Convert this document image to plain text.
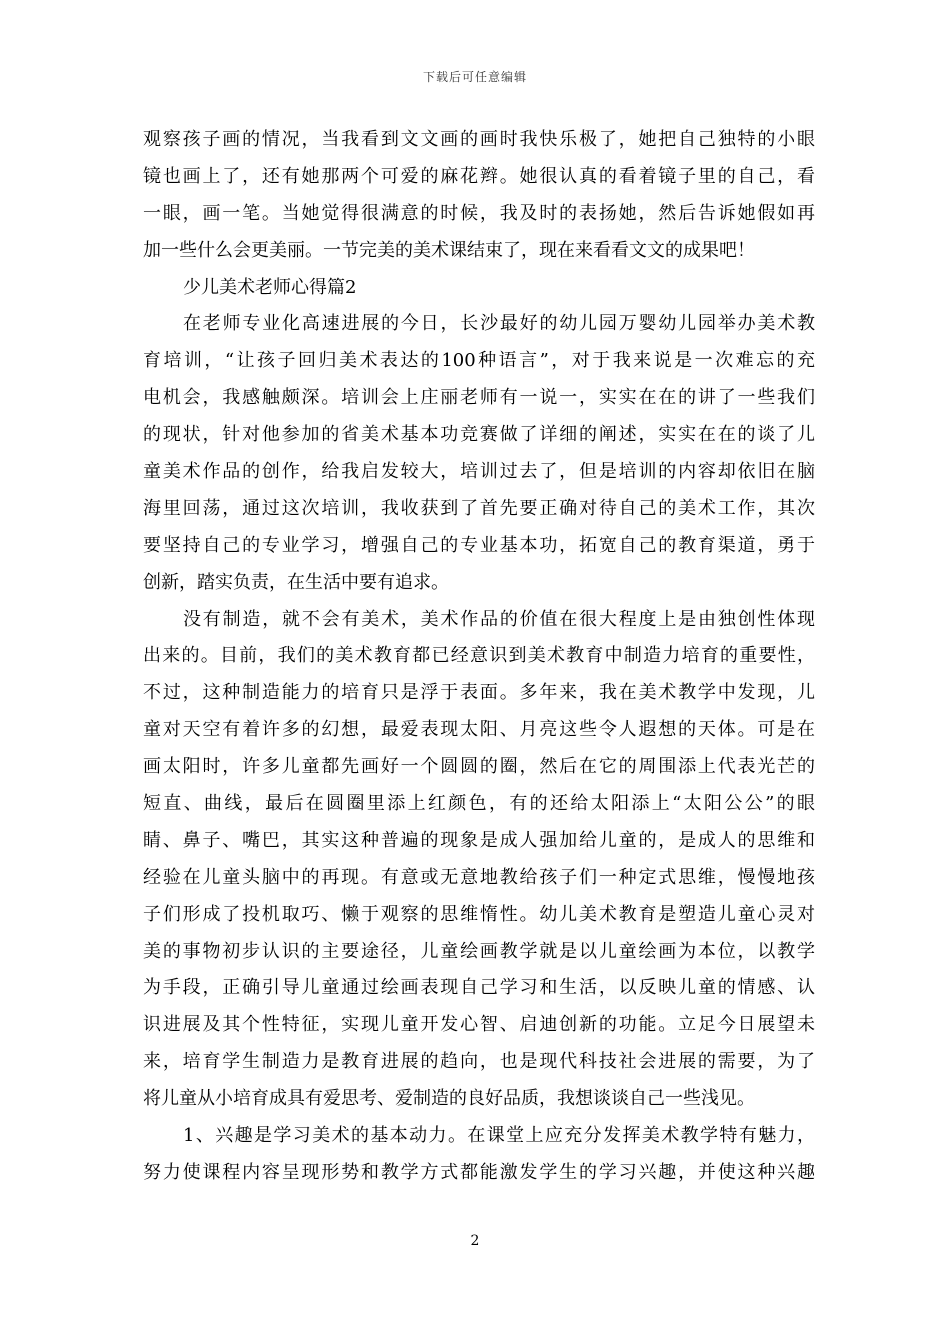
下载后可任意编辑
观察孩子画的情况，当我看到文文画的画时我快乐极了，她把自己独特的小眼
镜也画上了，还有她那两个可爱的麻花辫。她很认真的看着镜子里的自己，看
一眼，画一笔。当她觉得很满意的时候，我及时的表扬她，然后告诉她假如再
加一些什么会更美丽。一节完美的美术课结束了，现在来看看文文的成果吧！
少儿美术老师心得篇2
在老师专业化高速进展的今日，长沙最好的幼儿园万婴幼儿园举办美术教
育培训，“让孩子回归美术表达的100种语言”，对于我来说是一次难忘的充
电机会，我感触颇深。培训会上庄丽老师有一说一，实实在在的讲了一些我们
的现状，针对他参加的省美术基本功竞赛做了详细的阐述，实实在在的谈了儿
童美术作品的创作，给我启发较大，培训过去了，但是培训的内容却依旧在脑
海里回荡，通过这次培训，我收获到了首先要正确对待自己的美术工作，其次
要坚持自己的专业学习，增强自己的专业基本功，拓宽自己的教育渠道，勇于
创新，踏实负责，在生活中要有追求。
没有制造，就不会有美术，美术作品的价值在很大程度上是由独创性体现
出来的。目前，我们的美术教育都已经意识到美术教育中制造力培育的重要性，
不过，这种制造能力的培育只是浮于表面。多年来，我在美术教学中发现，儿
童对天空有着许多的幻想，最爱表现太阳、月亮这些令人遐想的天体。可是在
画太阳时，许多儿童都先画好一个圆圆的圈，然后在它的周围添上代表光芒的
短直、曲线，最后在圆圈里添上红颜色，有的还给太阳添上“太阳公公”的眼
睛、鼻子、嘴巴，其实这种普遍的现象是成人强加给儿童的，是成人的思维和
经验在儿童头脑中的再现。有意或无意地教给孩子们一种定式思维，慢慢地孩
子们形成了投机取巧、懒于观察的思维惰性。幼儿美术教育是塑造儿童心灵对
美的事物初步认识的主要途径，儿童绘画教学就是以儿童绘画为本位，以教学
为手段，正确引导儿童通过绘画表现自己学习和生活，以反映儿童的情感、认
识进展及其个性特征，实现儿童开发心智、启迪创新的功能。立足今日展望未
来，培育学生制造力是教育进展的趋向，也是现代科技社会进展的需要，为了
将儿童从小培育成具有爱思考、爱制造的良好品质，我想谈谈自己一些浅见。
1、兴趣是学习美术的基本动力。在课堂上应充分发挥美术教学特有魅力，
努力使课程内容呈现形势和教学方式都能激发学生的学习兴趣，并使这种兴趣
2
